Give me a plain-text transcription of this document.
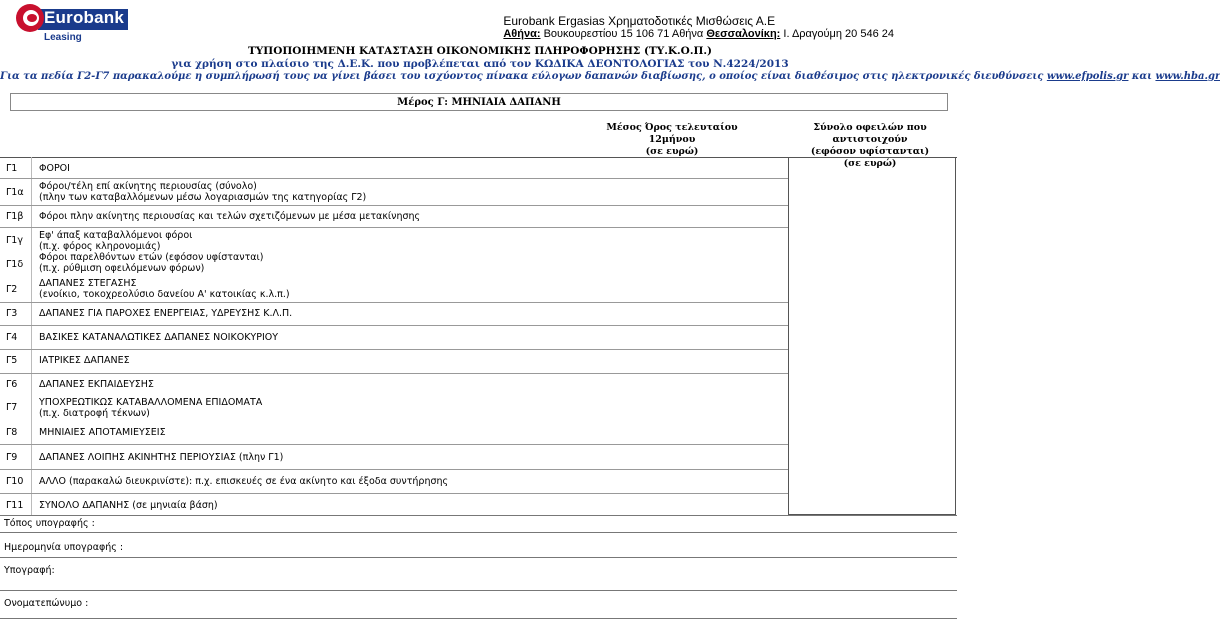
Eurobank
Leasing
Eurobank Ergasias Χρηματοδοτικές Μισθώσεις Α.Ε
Αθήνα: Βουκουρεστίου 15 106 71 Αθήνα Θεσσαλονίκη: Ι. Δραγούμη 20 546 24
ΤΥΠΟΠΟΙΗΜΕΝΗ ΚΑΤΑΣΤΑΣΗ ΟΙΚΟΝΟΜΙΚΗΣ ΠΛΗΡΟΦΟΡΗΣΗΣ (ΤΥ.Κ.Ο.Π.)
για χρήση στο πλαίσιο της Δ.Ε.Κ. που προβλέπεται από τον ΚΩΔΙΚΑ ΔΕΟΝΤΟΛΟΓΙΑΣ του Ν.4224/2013
Για τα πεδία Γ2-Γ7 παρακαλούμε η συμπλήρωσή τους να γίνει βάσει του ισχύοντος πίνακα εύλογων δαπανών διαβίωσης, ο οποίος είναι διαθέσιμος στις ηλεκτρονικές διευθύνσεις www.efpolis.gr και www.hba.gr
Μέρος Γ: ΜΗΝΙΑΙΑ ΔΑΠΑΝΗ
Μέσος Όρος τελευταίου 12μήνου
(σε ευρώ)
Σύνολο οφειλών που αντιστοιχούν
(εφόσον υφίστανται)
(σε ευρώ)
Γ1 ΦΟΡΟΙ
Γ1α
Φόροι/τέλη επί ακίνητης περιουσίας (σύνολο)
(πλην των καταβαλλόμενων μέσω λογαριασμών της κατηγορίας Γ2)
Γ1β Φόροι πλην ακίνητης περιουσίας και τελών σχετιζόμενων με μέσα μετακίνησης
Γ1γ Εφ' άπαξ καταβαλλόμενοι φόροι
(π.χ. φόρος κληρονομιάς)
Γ1δ
Φόροι παρελθόντων ετών (εφόσον υφίστανται)
(π.χ. ρύθμιση οφειλόμενων φόρων)
Γ2
ΔΑΠΑΝΕΣ ΣΤΕΓΑΣΗΣ
(ενοίκιο, τοκοχρεολύσιο δανείου Α' κατοικίας κ.λ.π.)
Γ3 ΔΑΠΑΝΕΣ ΓΙΑ ΠΑΡΟΧΕΣ ΕΝΕΡΓΕΙΑΣ, ΥΔΡΕΥΣΗΣ Κ.Λ.Π.
Γ4 ΒΑΣΙΚΕΣ ΚΑΤΑΝΑΛΩΤΙΚΕΣ ΔΑΠΑΝΕΣ ΝΟΙΚΟΚΥΡΙΟΥ
Γ5 ΙΑΤΡΙΚΕΣ ΔΑΠΑΝΕΣ
Γ6 ΔΑΠΑΝΕΣ ΕΚΠΑΙΔΕΥΣΗΣ
Γ7 ΥΠΟΧΡΕΩΤΙΚΩΣ ΚΑΤΑΒΑΛΛΟΜΕΝΑ ΕΠΙΔΟΜΑΤΑ
(π.χ. διατροφή τέκνων)
Γ8 ΜΗΝΙΑΙΕΣ ΑΠΟΤΑΜΙΕΥΣΕΙΣ
Γ9 ΔΑΠΑΝΕΣ ΛΟΙΠΗΣ ΑΚΙΝΗΤΗΣ ΠΕΡΙΟΥΣΙΑΣ (πλην Γ1)
Γ10 ΑΛΛΟ (παρακαλώ διευκρινίστε): π.χ. επισκευές σε ένα ακίνητο και έξοδα συντήρησης
Γ11 ΣΥΝΟΛΟ ΔΑΠΑΝΗΣ (σε μηνιαία βάση)
Τόπος υπογραφής :
Ημερομηνία υπογραφής :
Υπογραφή:
Ονοματεπώνυμο :
